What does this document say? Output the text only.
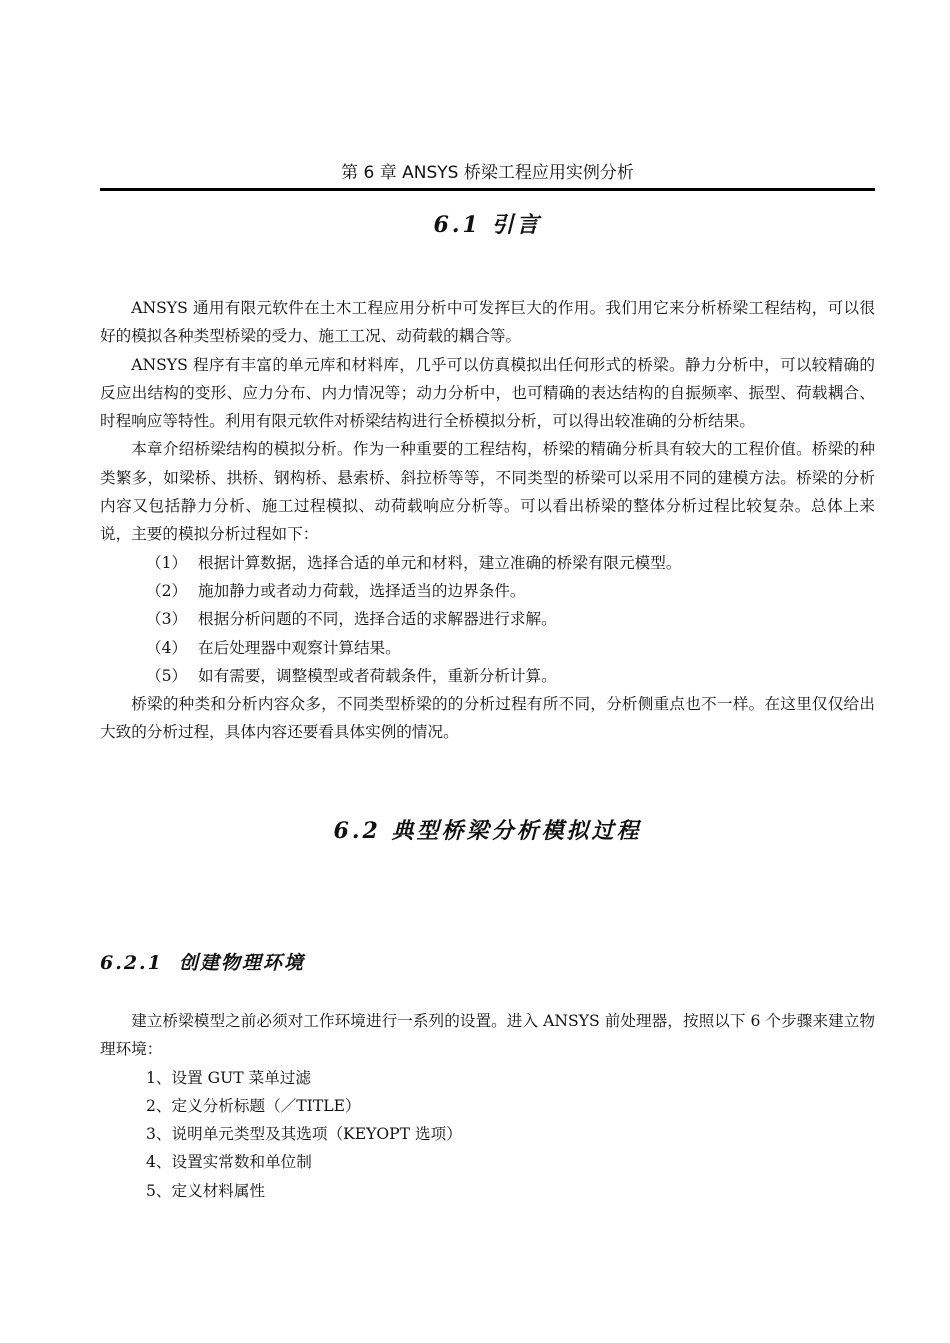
第 6 章 ANSYS 桥梁工程应用实例分析
6.1 引言

ANSYS 通用有限元软件在土木工程应用分析中可发挥巨大的作用。我们用它来分析桥梁工程结构，可以很好的模拟各种类型桥梁的受力、施工工况、动荷载的耦合等。

ANSYS 程序有丰富的单元库和材料库，几乎可以仿真模拟出任何形式的桥梁。静力分析中，可以较精确的反应出结构的变形、应力分布、内力情况等；动力分析中，也可精确的表达结构的自振频率、振型、荷载耦合、时程响应等特性。利用有限元软件对桥梁结构进行全桥模拟分析，可以得出较准确的分析结果。

本章介绍桥梁结构的模拟分析。作为一种重要的工程结构，桥梁的精确分析具有较大的工程价值。桥梁的种类繁多，如梁桥、拱桥、钢构桥、悬索桥、斜拉桥等等，不同类型的桥梁可以采用不同的建模方法。桥梁的分析内容又包括静力分析、施工过程模拟、动荷载响应分析等。可以看出桥梁的整体分析过程比较复杂。总体上来说，主要的模拟分析过程如下：

（1） 根据计算数据，选择合适的单元和材料，建立准确的桥梁有限元模型。

（2） 施加静力或者动力荷载，选择适当的边界条件。

（3） 根据分析问题的不同，选择合适的求解器进行求解。

（4） 在后处理器中观察计算结果。

（5） 如有需要，调整模型或者荷载条件，重新分析计算。

桥梁的种类和分析内容众多，不同类型桥梁的的分析过程有所不同，分析侧重点也不一样。在这里仅仅给出大致的分析过程，具体内容还要看具体实例的情况。

6.2 典型桥梁分析模拟过程
6.2.1 创建物理环境

建立桥梁模型之前必须对工作环境进行一系列的设置。进入 ANSYS 前处理器，按照以下 6 个步骤来建立物理环境：

1、设置 GUT 菜单过滤

2、定义分析标题（／TITLE）

3、说明单元类型及其选项（KEYOPT 选项）

4、设置实常数和单位制

5、定义材料属性
